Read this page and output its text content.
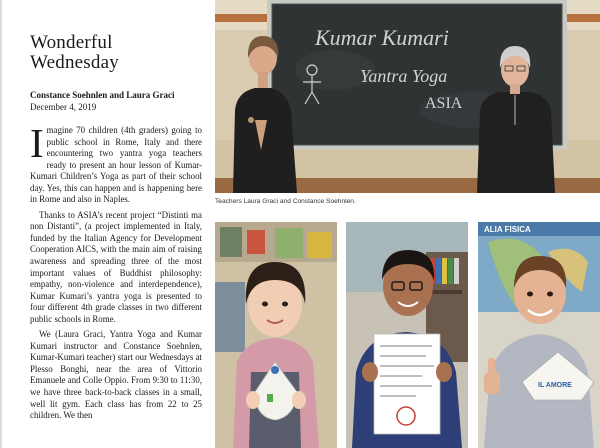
Wonderful
Wednesday
Constance Soehnlen and Laura Graci
December 4, 2019

Imagine 70 children (4th graders) going to public school in Rome, Italy and there encountering two yantra yoga teachers ready to present an hour lesson of Kumar-Kumari Children’s Yoga as part of their school day. Yes, this can happen and is happening here in Rome and also in Naples.

Thanks to ASIA’s recent project “Distinti ma non Distanti”, (a project implemented in Italy, funded by the Italian Agency for Development Cooperation AICS, with the main aim of raising awareness and spreading three of the most important values of Buddhist philosophy: empathy, non-violence and interdependence), Kumar Kumari’s yantra yoga is presented to four different 4th grade classes in two different public schools in Rome.

We (Laura Graci, Yantra Yoga and Kumar Kumari instructor and Constance Soehnlen, Kumar-Kumari teacher) start our Wednesdays at Plesso Bonghi, near the area of Vittorio Emanuele and Colle Oppio. From 9:30 to 11:30, we have three back-to-back classes in a small, well lit gym. Each class has from 22 to 25 children. We then

Kumar Kumari
Yantra Yoga
ASIA
Teachers Laura Graci and Constance Soehnlen.
ALIA FISICA
IL AMORE
